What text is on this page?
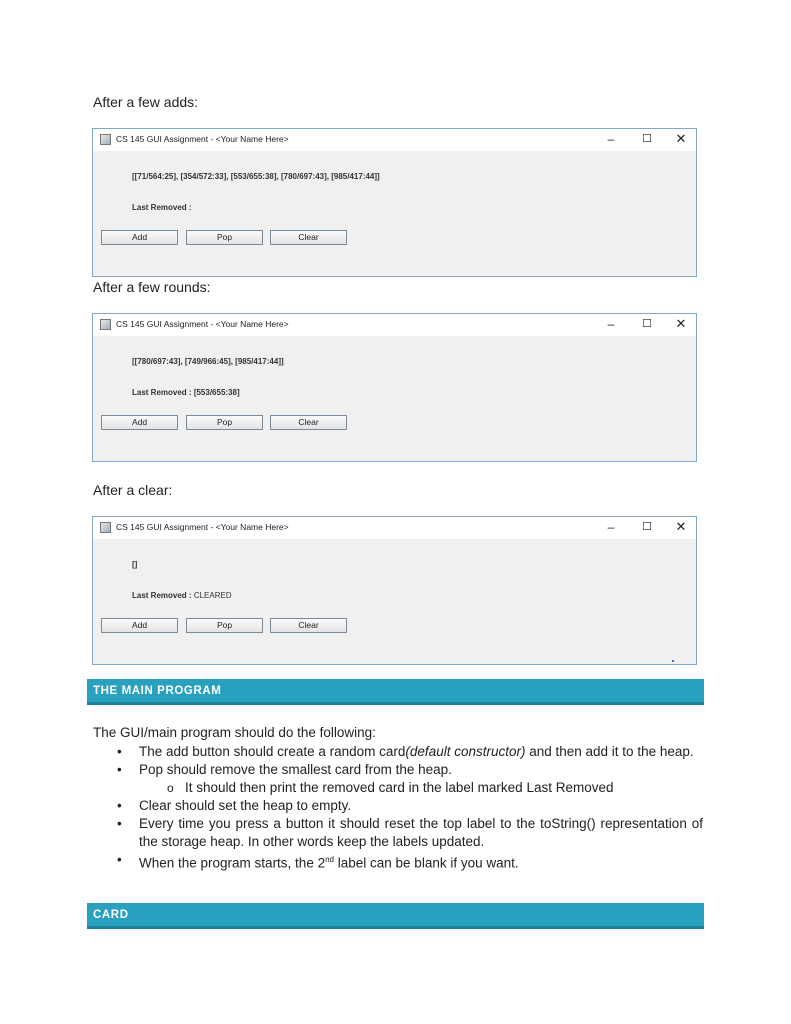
After a few adds:
CS 145 GUI Assignment - <Your Name Here>	–	☐ ✕
[[71/564:25], [354/572:33], [553/655:38], [780/697:43], [985/417:44]]
Last Removed :
Add	Pop	Clear
After a few rounds:
CS 145 GUI Assignment - <Your Name Here>	–	☐ ✕
[[780/697:43], [749/966:45], [985/417:44]]
Last Removed : [553/655:38]
Add	Pop	Clear
After a clear:
CS 145 GUI Assignment - <Your Name Here>	–	☐ ✕
[]
Last Removed : CLEARED
Add	Pop	Clear
THE MAIN PROGRAM
The GUI/main program should do the following:
• The add button should create a random card(default constructor) and then add it to the heap.
• Pop should remove the smallest card from the heap.
o It should then print the removed card in the label marked Last Removed
• Clear should set the heap to empty.
• Every time you press a button it should reset the top label to the toString() representation of the storage heap. In other words keep the labels updated.
• When the program starts, the 2nd label can be blank if you want.
CARD
